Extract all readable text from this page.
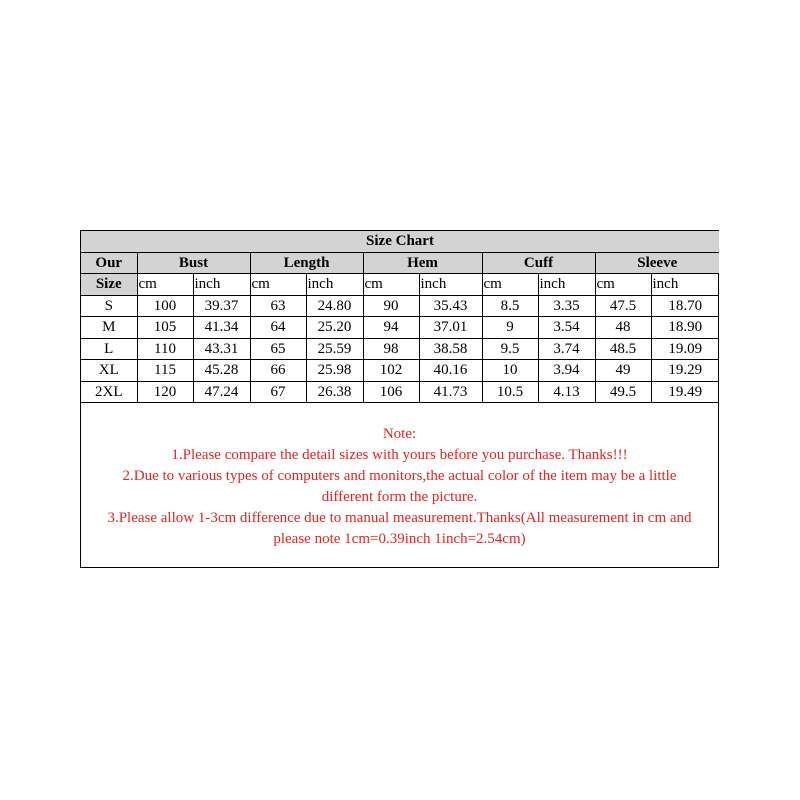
Size Chart										
Our	Bust		Length		Hem		Cuff		Sleeve	
Size	cm	inch	cm	inch	cm	inch	cm	inch	cm	inch
S	100	39.37	63	24.80	90	35.43	8.5	3.35	47.5	18.70
M	105	41.34	64	25.20	94	37.01	9	3.54	48	18.90
L	110	43.31	65	25.59	98	38.58	9.5	3.74	48.5	19.09
XL	115	45.28	66	25.98	102	40.16	10	3.94	49	19.29
2XL	120	47.24	67	26.38	106	41.73	10.5	4.13	49.5	19.49
Note:
1.Please compare the detail sizes with yours before you purchase. Thanks!!!
2.Due to various types of computers and monitors,the actual color of the item may be a little
different form the picture.
3.Please allow 1-3cm difference due to manual measurement.Thanks(All measurement in cm and
please note 1cm=0.39inch 1inch=2.54cm)
